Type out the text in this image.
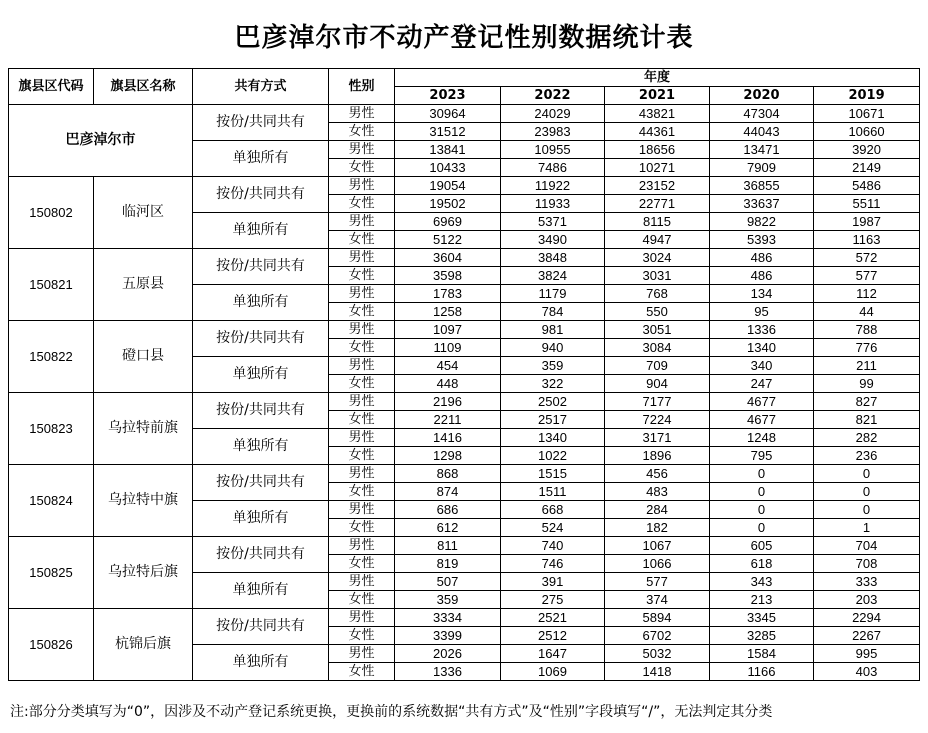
巴彦淖尔市不动产登记性别数据统计表
旗县区代码	旗县区名称	共有方式	性别	年度				
				2023	2022	2021	2020	2019
巴彦淖尔市		按份/共同共有	男性	30964	24029	43821	47304	10671
			女性	31512	23983	44361	44043	10660
		单独所有	男性	13841	10955	18656	13471	3920
			女性	10433	7486	10271	7909	2149
150802	临河区	按份/共同共有	男性	19054	11922	23152	36855	5486
			女性	19502	11933	22771	33637	5511
		单独所有	男性	6969	5371	8115	9822	1987
			女性	5122	3490	4947	5393	1163
150821	五原县	按份/共同共有	男性	3604	3848	3024	486	572
			女性	3598	3824	3031	486	577
		单独所有	男性	1783	1179	768	134	112
			女性	1258	784	550	95	44
150822	磴口县	按份/共同共有	男性	1097	981	3051	1336	788
			女性	1109	940	3084	1340	776
		单独所有	男性	454	359	709	340	211
			女性	448	322	904	247	99
150823	乌拉特前旗	按份/共同共有	男性	2196	2502	7177	4677	827
			女性	2211	2517	7224	4677	821
		单独所有	男性	1416	1340	3171	1248	282
			女性	1298	1022	1896	795	236
150824	乌拉特中旗	按份/共同共有	男性	868	1515	456	0	0
			女性	874	1511	483	0	0
		单独所有	男性	686	668	284	0	0
			女性	612	524	182	0	1
150825	乌拉特后旗	按份/共同共有	男性	811	740	1067	605	704
			女性	819	746	1066	618	708
		单独所有	男性	507	391	577	343	333
			女性	359	275	374	213	203
150826	杭锦后旗	按份/共同共有	男性	3334	2521	5894	3345	2294
			女性	3399	2512	6702	3285	2267
		单独所有	男性	2026	1647	5032	1584	995
			女性	1336	1069	1418	1166	403
注:部分分类填写为“0”，因涉及不动产登记系统更换，更换前的系统数据“共有方式”及“性别”字段填写“/”，无法判定其分类
